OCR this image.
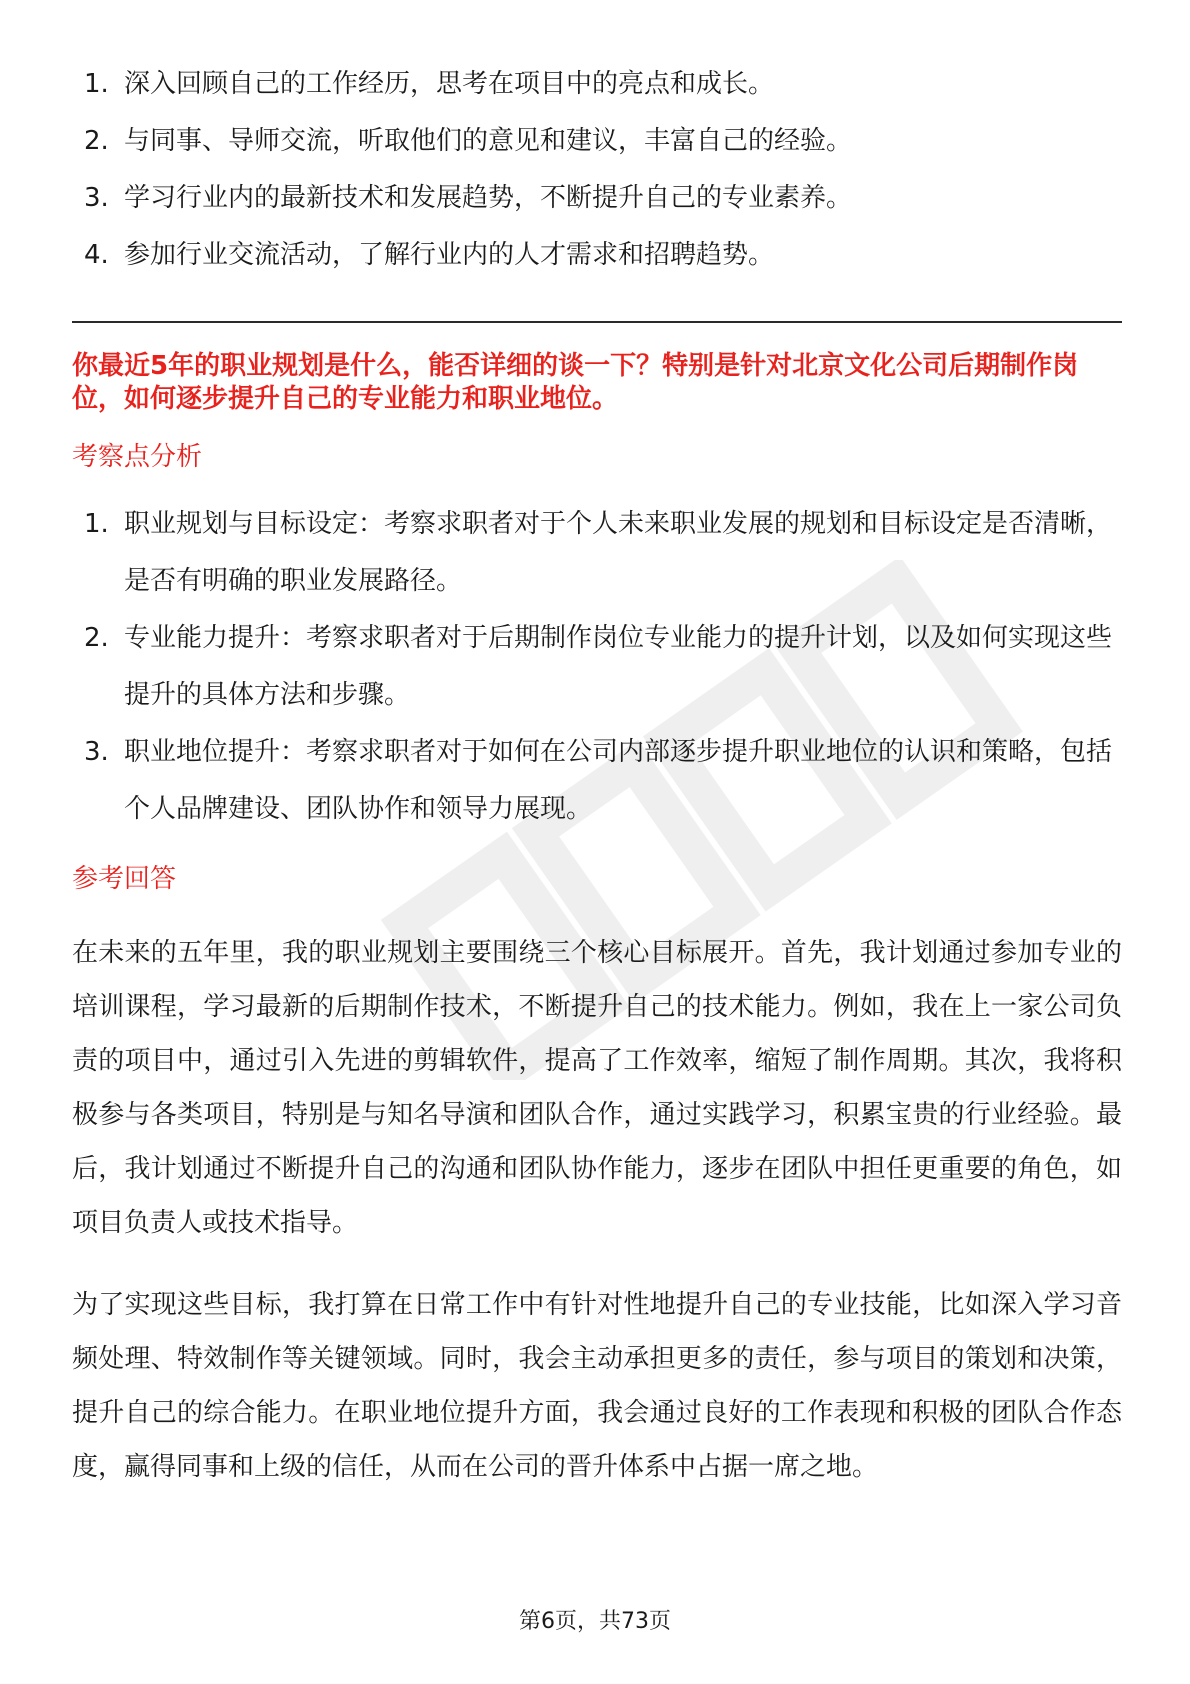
1. 深入回顾自己的工作经历，思考在项目中的亮点和成长。
2. 与同事、导师交流，听取他们的意见和建议，丰富自己的经验。
3. 学习行业内的最新技术和发展趋势，不断提升自己的专业素养。
4. 参加行业交流活动，了解行业内的人才需求和招聘趋势。
你最近5年的职业规划是什么，能否详细的谈一下？特别是针对北京文化公司后期制作岗位，如何逐步提升自己的专业能力和职业地位。
考察点分析
1. 职业规划与目标设定：考察求职者对于个人未来职业发展的规划和目标设定是否清晰，是否有明确的职业发展路径。
2. 专业能力提升：考察求职者对于后期制作岗位专业能力的提升计划，以及如何实现这些提升的具体方法和步骤。
3. 职业地位提升：考察求职者对于如何在公司内部逐步提升职业地位的认识和策略，包括个人品牌建设、团队协作和领导力展现。
参考回答

在未来的五年里，我的职业规划主要围绕三个核心目标展开。首先，我计划通过参加专业的培训课程，学习最新的后期制作技术，不断提升自己的技术能力。例如，我在上一家公司负责的项目中，通过引入先进的剪辑软件，提高了工作效率，缩短了制作周期。其次，我将积极参与各类项目，特别是与知名导演和团队合作，通过实践学习，积累宝贵的行业经验。最后，我计划通过不断提升自己的沟通和团队协作能力，逐步在团队中担任更重要的角色，如项目负责人或技术指导。

为了实现这些目标，我打算在日常工作中有针对性地提升自己的专业技能，比如深入学习音频处理、特效制作等关键领域。同时，我会主动承担更多的责任，参与项目的策划和决策，提升自己的综合能力。在职业地位提升方面，我会通过良好的工作表现和积极的团队合作态度，赢得同事和上级的信任，从而在公司的晋升体系中占据一席之地。

第6页，共73页
